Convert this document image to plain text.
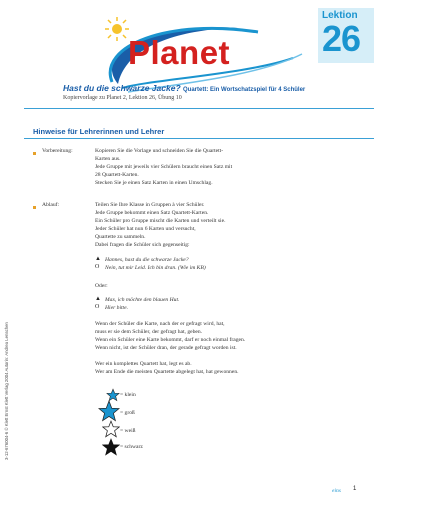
Planet
Lektion
26
Hast du die schwarze Jacke? Quartett: Ein Wortschatzspiel für 4 Schüler
Kopiervorlage zu Planet 2, Lektion 26, Übung 10
Hinweise für Lehrerinnen und Lehrer
Vorbereitung:	Kopieren Sie die Vorlage und schneiden Sie die Quartett-
Karten aus.
Jede Gruppe mit jeweils vier Schülern braucht einen Satz mit
28 Quartett-Karten.
Stecken Sie je einen Satz Karten in einen Umschlag.
Ablauf:	Teilen Sie Ihre Klasse in Gruppen à vier Schüler.
Jede Gruppe bekommt einen Satz Quartett-Karten.
Ein Schüler pro Gruppe mischt die Karten und verteilt sie.
Jeder Schüler hat nun 6 Karten und versucht,
Quartette zu sammeln.
Dabei fragen die Schüler sich gegenseitig:
▲ Hannes, hast du die schwarze Jacke?
O Nein, tut mir Leid. Ich bin dran. (Wie im KB)
Oder:
▲ Max, ich möchte den blauen Hut.
O Hier bitte.
Wenn der Schüler die Karte, nach der er gefragt wird, hat,
muss er sie dem Schüler, der gefragt hat, geben.
Wenn ein Schüler eine Karte bekommt, darf er noch einmal fragen.
Wenn nicht, ist der Schüler dran, der gerade gefragt worden ist.
Wer ein komplettes Quartett hat, legt es ab.
Wer am Ende die meisten Quartette abgelegt hat, hat gewonnen.
= klein
= groß
= weiß
= schwarz
3-12-676004-6 © Klett Ernst Klett Verlag 2004 Autorin: Andrea Lenschen
eins 1
